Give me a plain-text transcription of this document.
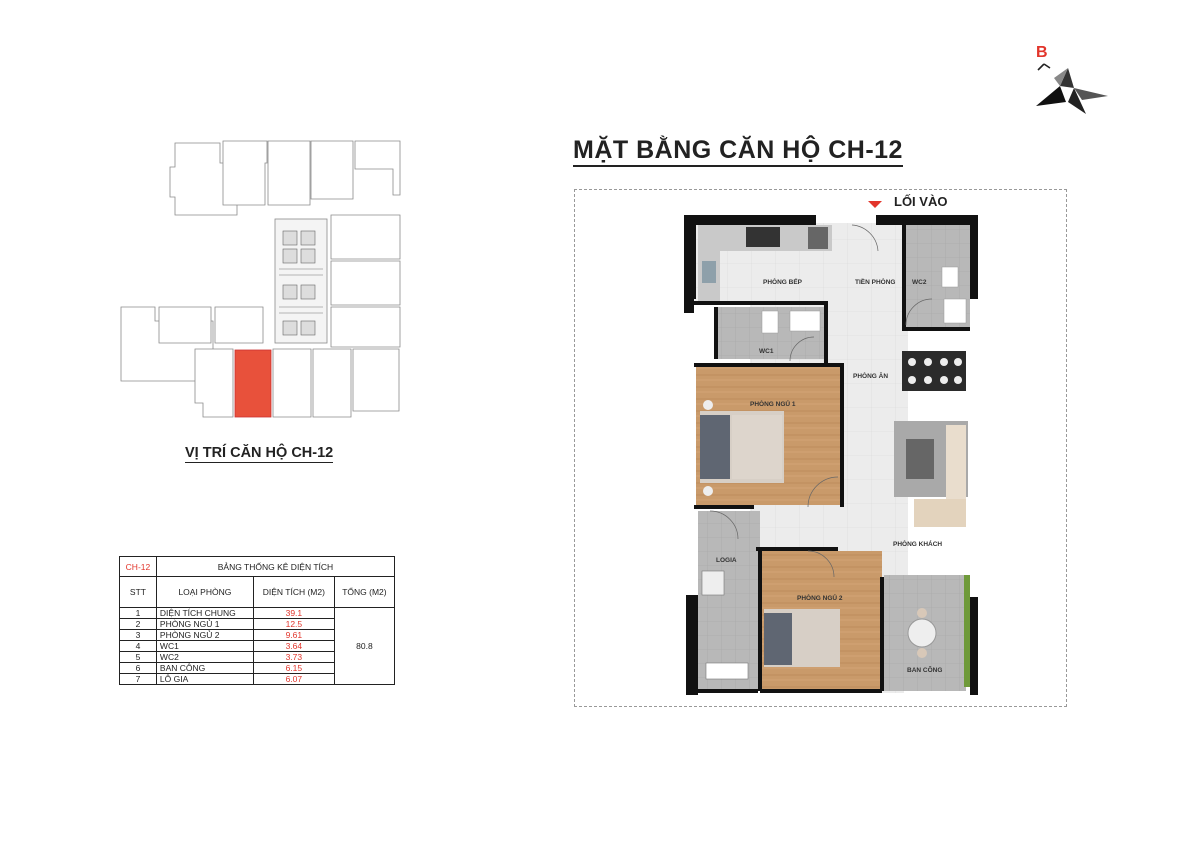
B
MẶT BẰNG CĂN HỘ CH-12
VỊ TRÍ CĂN HỘ CH-12
CH-12	BẢNG THỐNG KÊ DIỆN TÍCH		
STT	LOẠI PHÒNG	DIỆN TÍCH (M2)	TỔNG (M2)
1	DIỆN TÍCH CHUNG	39.1	80.8
2	PHÒNG NGỦ 1	12.5	
3	PHÒNG NGỦ 2	9.61	
4	WC1	3.64	
5	WC2	3.73	
6	BAN CÔNG	6.15	
7	LÔ GIA	6.07	
LỐI VÀO
PHÒNG BẾP	TIỀN PHÒNG	WC2
WC1
PHÒNG ĂN
PHÒNG NGỦ 1
PHÒNG KHÁCH
LOGIA
PHÒNG NGỦ 2
BAN CÔNG
